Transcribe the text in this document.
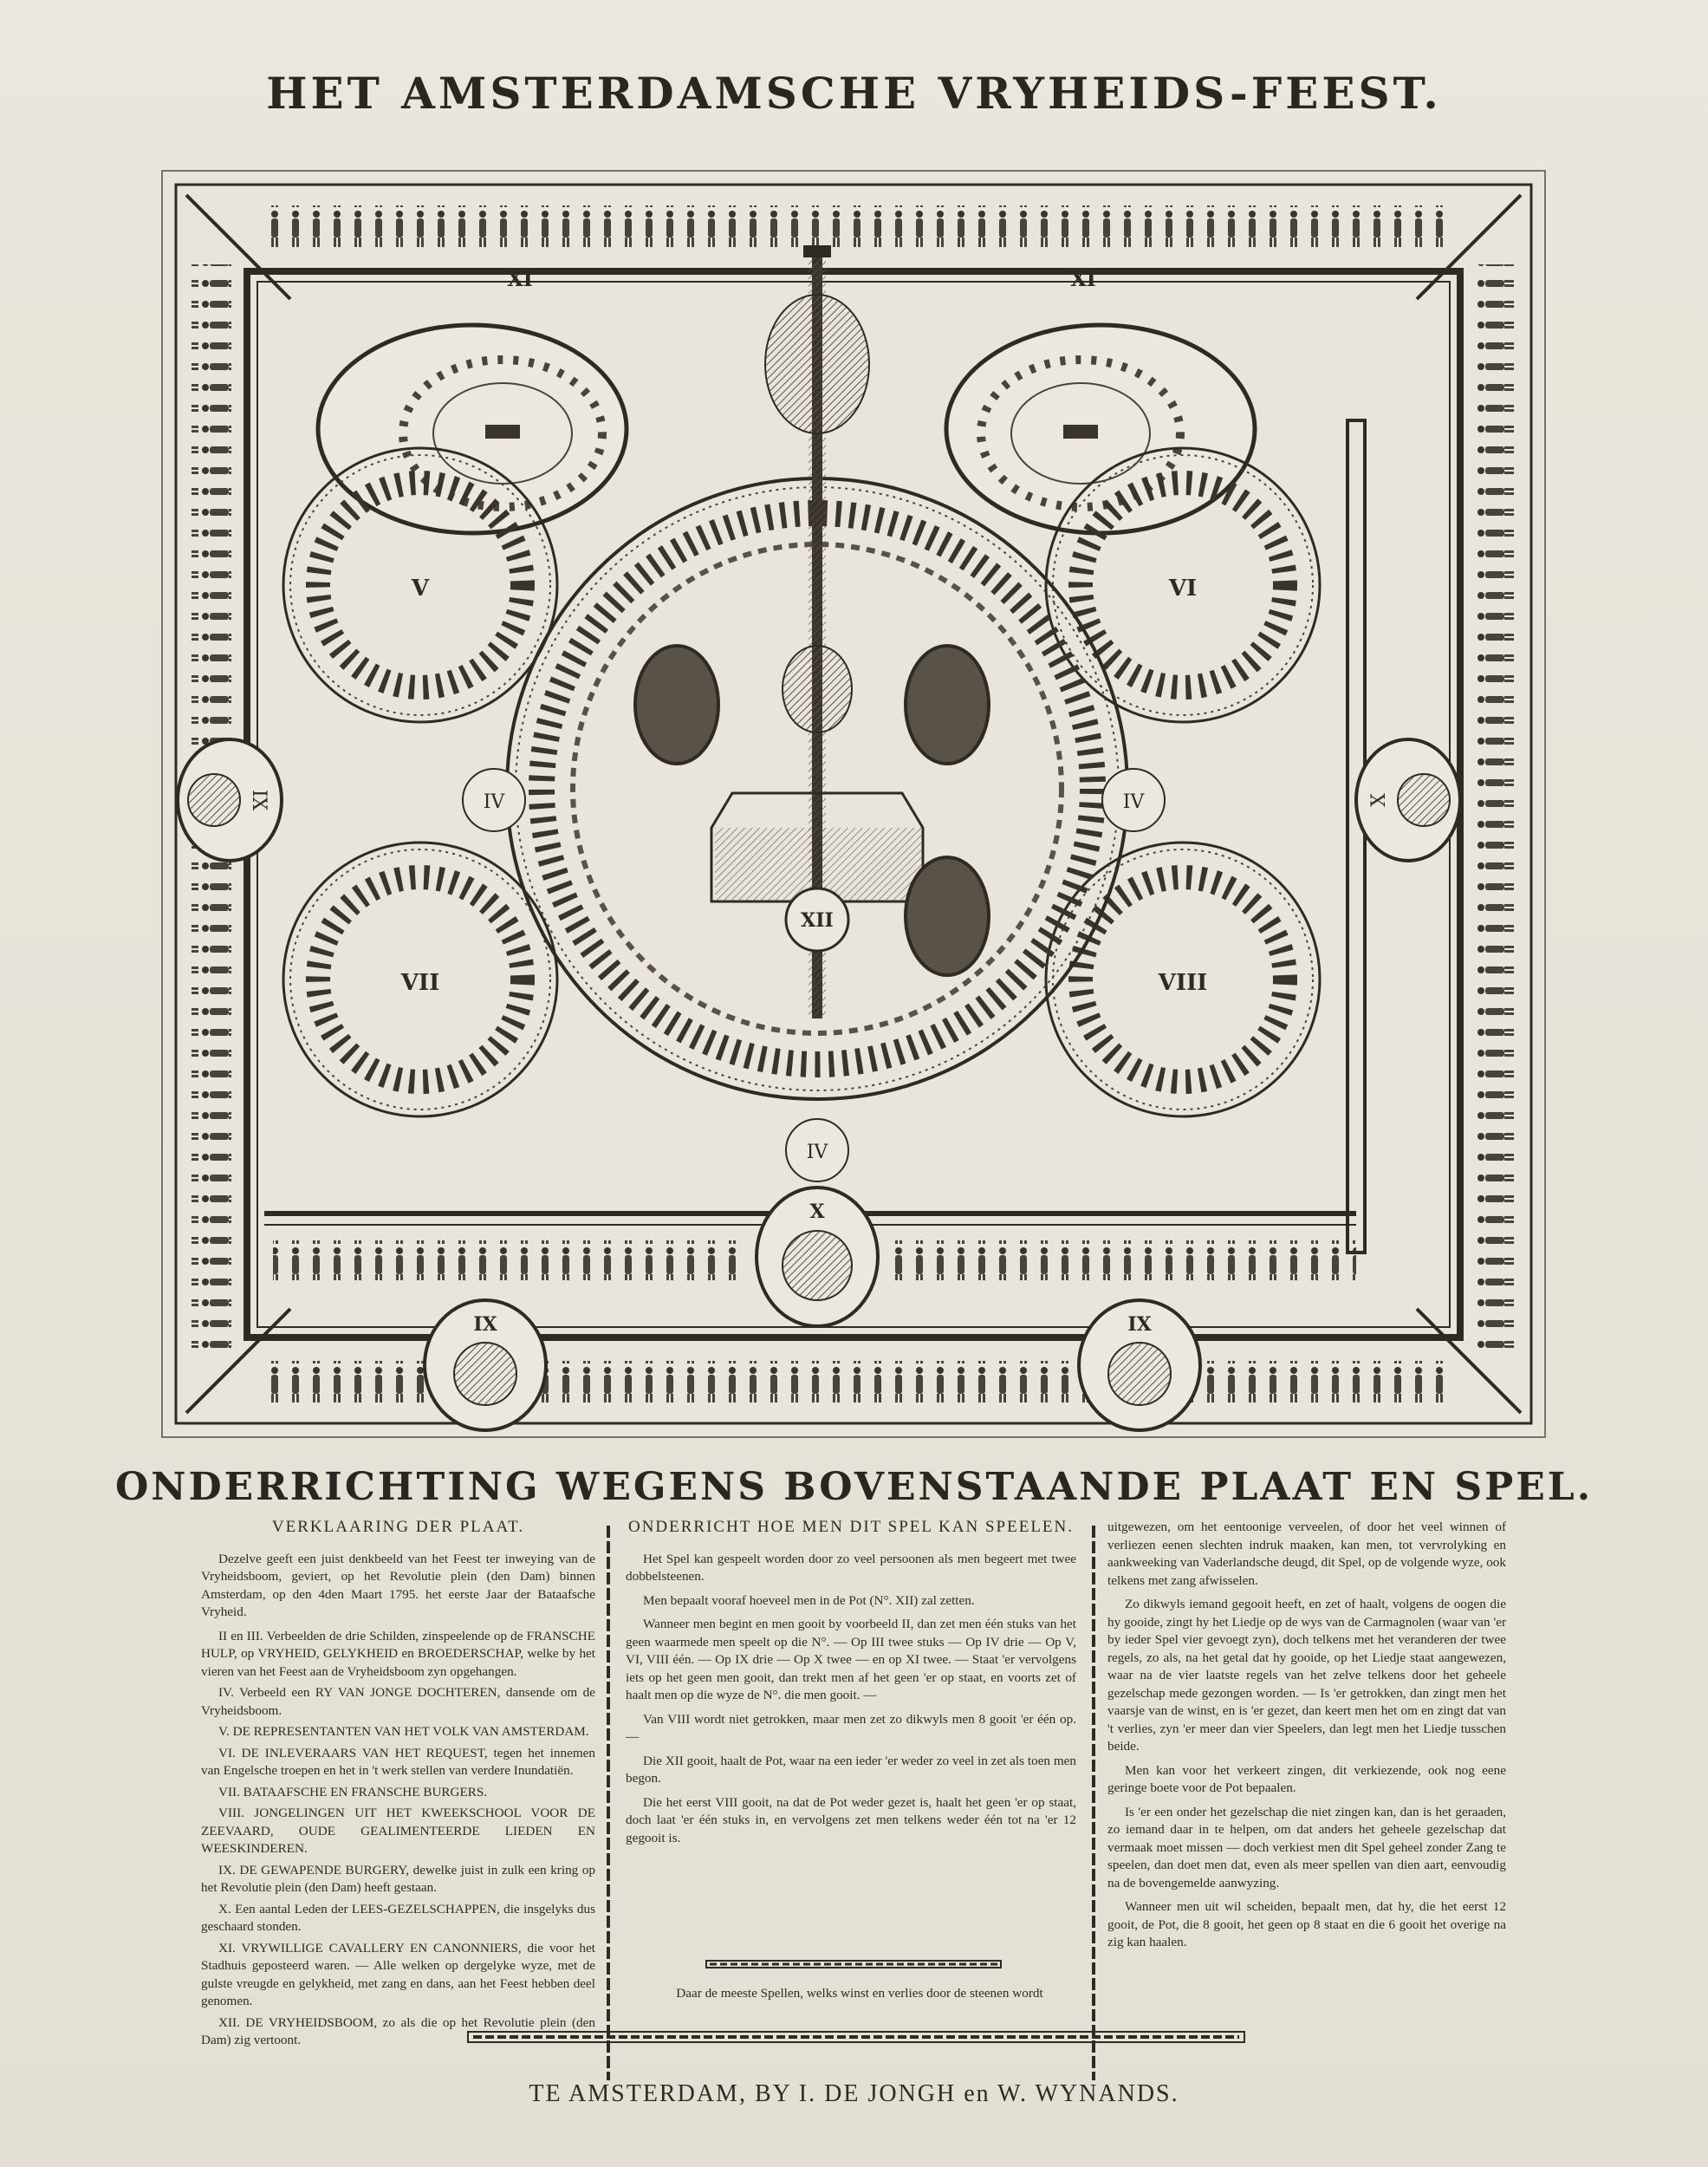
HET AMSTERDAMSCHE VRYHEIDS-FEEST.
XI	XI
V	VI
VII	VIII
XII
IV	IV
IV
IX	X
X
IX	IX
ONDERRICHTING WEGENS BOVENSTAANDE PLAAT EN SPEL.
VERKLAARING DER PLAAT.

Dezelve geeft een juist denkbeeld van het Feest ter inweying van de Vryheidsboom, geviert, op het Revolutie plein (den Dam) binnen Amsterdam, op den 4den Maart 1795. het eerste Jaar der Bataafsche Vryheid.

II en III. Verbeelden de drie Schilden, zinspeelende op de FRANSCHE HULP, op VRYHEID, GELYKHEID en BROEDERSCHAP, welke by het vieren van het Feest aan de Vryheidsboom zyn opgehangen.
IV. Verbeeld een RY VAN JONGE DOCHTEREN, dansende om de Vryheidsboom.
V. DE REPRESENTANTEN VAN HET VOLK VAN AMSTERDAM.
VI. DE INLEVERAARS VAN HET REQUEST, tegen het innemen van Engelsche troepen en het in 't werk stellen van verdere Inundatiën.
VII. BATAAFSCHE EN FRANSCHE BURGERS.
VIII. JONGELINGEN UIT HET KWEEKSCHOOL VOOR DE ZEEVAARD, OUDE GEALIMENTEERDE LIEDEN EN WEESKINDEREN.
IX. DE GEWAPENDE BURGERY, dewelke juist in zulk een kring op het Revolutie plein (den Dam) heeft gestaan.
X. Een aantal Leden der LEES-GEZELSCHAPPEN, die insgelyks dus geschaard stonden.
XI. VRYWILLIGE CAVALLERY EN CANONNIERS, die voor het Stadhuis geposteerd waren. — Alle welken op dergelyke wyze, met de gulste vreugde en gelykheid, met zang en dans, aan het Feest hebben deel genomen.
XII. DE VRYHEIDSBOOM, zo als die op het Revolutie plein (den Dam) zig vertoont.
ONDERRICHT HOE MEN DIT SPEL KAN SPEELEN.

Het Spel kan gespeelt worden door zo veel persoonen als men begeert met twee dobbelsteenen.

Men bepaalt vooraf hoeveel men in de Pot (N°. XII) zal zetten.

Wanneer men begint en men gooit by voorbeeld II, dan zet men één stuks van het geen waarmede men speelt op die N°. — Op III twee stuks — Op IV drie — Op V, VI, VIII één. — Op IX drie — Op X twee — en op XI twee. — Staat 'er vervolgens iets op het geen men gooit, dan trekt men af het geen 'er op staat, en voorts zet of haalt men op die wyze de N°. die men gooit. —

Van VIII wordt niet getrokken, maar men zet zo dikwyls men 8 gooit 'er één op. —

Die XII gooit, haalt de Pot, waar na een ieder 'er weder zo veel in zet als toen men begon.

Die het eerst VIII gooit, na dat de Pot weder gezet is, haalt het geen 'er op staat, doch laat 'er één stuks in, en vervolgens zet men telkens weder één tot na 'er 12 gegooit is.

Daar de meeste Spellen, welks winst en verlies door de steenen wordt

uitgewezen, om het eentoonige verveelen, of door het veel winnen of verliezen eenen slechten indruk maaken, kan men, tot vervrolyking en aankweeking van Vaderlandsche deugd, dit Spel, op de volgende wyze, ook telkens met zang afwisselen.

Zo dikwyls iemand gegooit heeft, en zet of haalt, volgens de oogen die hy gooide, zingt hy het Liedje op de wys van de Carmagnolen (waar van 'er by ieder Spel vier gevoegt zyn), doch telkens met het veranderen der twee regels, zo als, na het getal dat hy gooide, op het Liedje staat aangewezen, waar na de vier laatste regels van het zelve telkens door het geheele gezelschap mede gezongen worden. — Is 'er getrokken, dan zingt men het vaarsje van de winst, en is 'er gezet, dan keert men het om en zingt dat van 't verlies, zyn 'er meer dan vier Speelers, dan legt men het Liedje tusschen beide.

Men kan voor het verkeert zingen, dit verkiezende, ook nog eene geringe boete voor de Pot bepaalen.

Is 'er een onder het gezelschap die niet zingen kan, dan is het geraaden, zo iemand daar in te helpen, om dat anders het geheele gezelschap dat vermaak moet missen — doch verkiest men dit Spel geheel zonder Zang te speelen, dan doet men dat, even als meer spellen van dien aart, eenvoudig na de bovengemelde aanwyzing.

Wanneer men uit wil scheiden, bepaalt men, dat hy, die het eerst 12 gooit, de Pot, die 8 gooit, het geen op 8 staat en die 6 gooit het overige na zig kan haalen.

TE AMSTERDAM, BY I. DE JONGH en W. WYNANDS.
